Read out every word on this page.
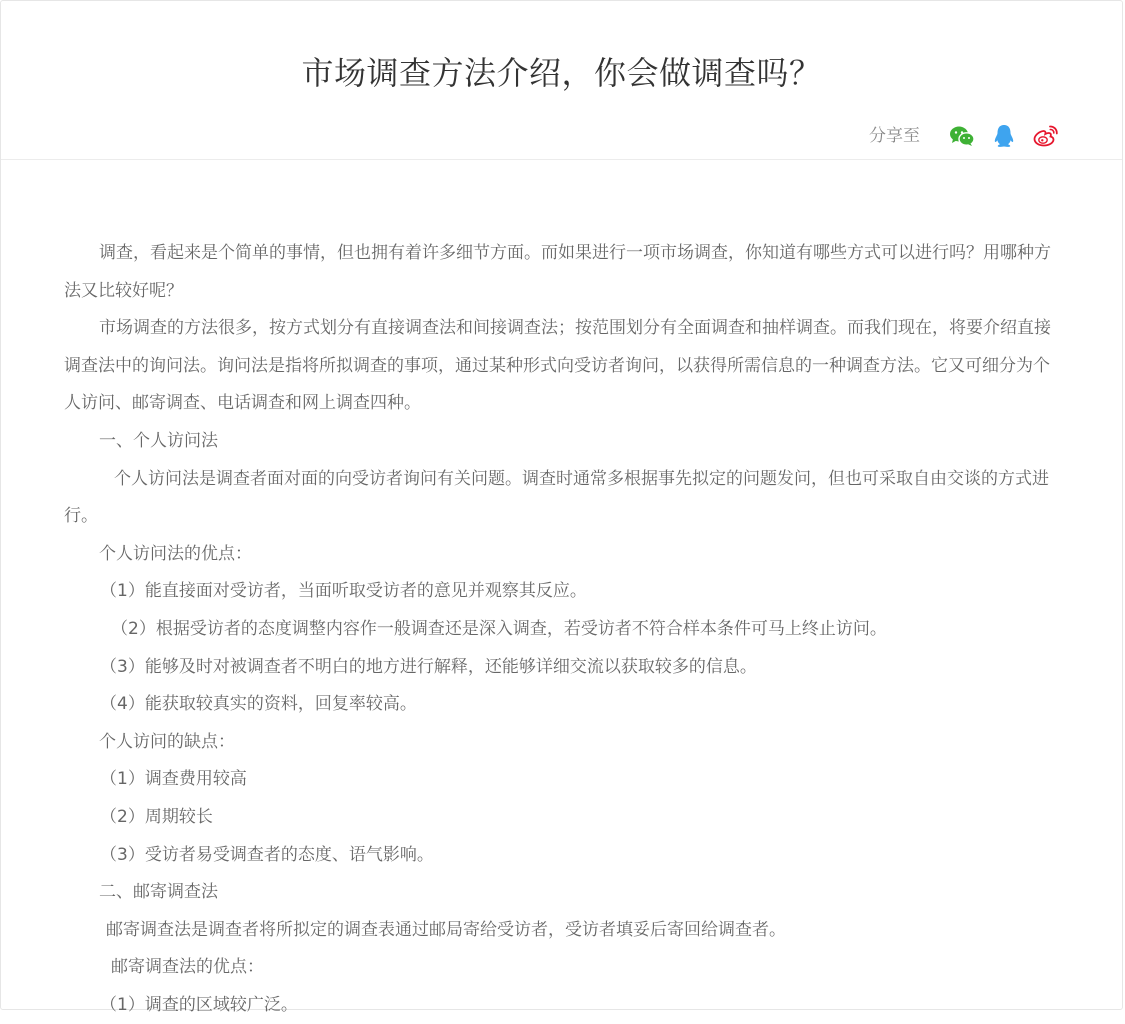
市场调查方法介绍，你会做调查吗？
分享至

调查，看起来是个简单的事情，但也拥有着许多细节方面。而如果进行一项市场调查，你知道有哪些方式可以进行吗？用哪种方法又比较好呢？

市场调查的方法很多，按方式划分有直接调查法和间接调查法；按范围划分有全面调查和抽样调查。而我们现在，将要介绍直接调查法中的询问法。询问法是指将所拟调查的事项，通过某种形式向受访者询问，以获得所需信息的一种调查方法。它又可细分为个人访问、邮寄调查、电话调查和网上调查四种。

一、个人访问法

个人访问法是调查者面对面的向受访者询问有关问题。调查时通常多根据事先拟定的问题发问，但也可采取自由交谈的方式进行。

个人访问法的优点：

（1）能直接面对受访者，当面听取受访者的意见并观察其反应。

（2）根据受访者的态度调整内容作一般调查还是深入调查，若受访者不符合样本条件可马上终止访问。

（3）能够及时对被调查者不明白的地方进行解释，还能够详细交流以获取较多的信息。

（4）能获取较真实的资料，回复率较高。

个人访问的缺点：

（1）调查费用较高

（2）周期较长

（3）受访者易受调查者的态度、语气影响。

二、邮寄调查法

邮寄调查法是调查者将所拟定的调查表通过邮局寄给受访者，受访者填妥后寄回给调查者。

邮寄调查法的优点：

（1）调查的区域较广泛。
